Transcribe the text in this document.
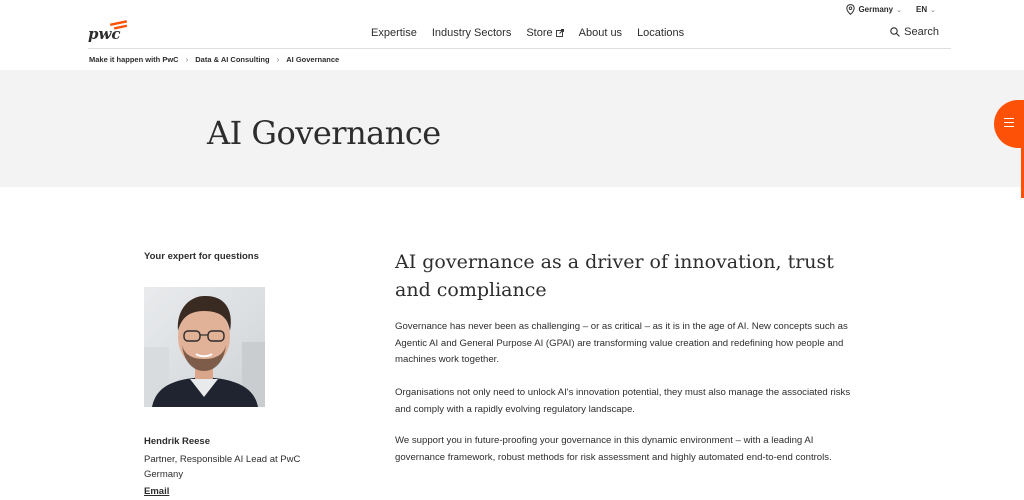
Germany ⌄ EN ⌄
pwc	Expertise Industry Sectors Store About us Locations	Search
Make it happen with PwC › Data & AI Consulting › AI Governance
AI Governance
Your expert for questions
Hendrik Reese
Partner, Responsible AI Lead at PwC Germany
Email
AI governance as a driver of innovation, trust and compliance

Governance has never been as challenging – or as critical – as it is in the age of AI. New concepts such as Agentic AI and General Purpose AI (GPAI) are transforming value creation and redefining how people and machines work together.

Organisations not only need to unlock AI's innovation potential, they must also manage the associated risks and comply with a rapidly evolving regulatory landscape.

We support you in future-proofing your governance in this dynamic environment – with a leading AI governance framework, robust methods for risk assessment and highly automated end-to-end controls.
